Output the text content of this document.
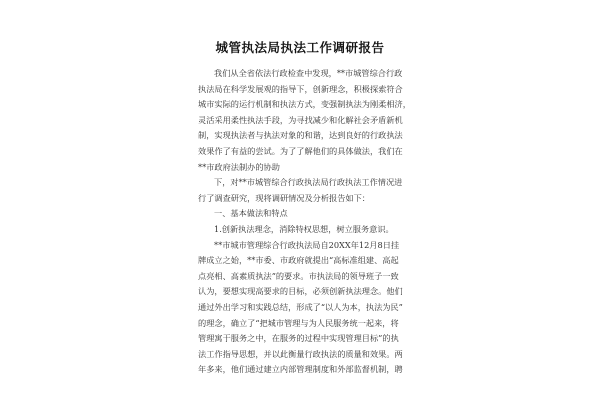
城管执法局执法工作调研报告
我们从全省依法行政检查中发现，**市城管综合行政
执法局在科学发展观的指导下，创新理念，积极探索符合
城市实际的运行机制和执法方式，变强制执法为刚柔相济，
灵活采用柔性执法手段，为寻找减少和化解社会矛盾新机
制，实现执法者与执法对象的和谐，达到良好的行政执法
效果作了有益的尝试。为了了解他们的具体做法，我们在
**市政府法制办的协助
下，对**市城管综合行政执法局行政执法工作情况进
行了调查研究，现将调研情况及分析报告如下：
一、基本做法和特点
1.创新执法理念，消除特权思想，树立服务意识。
**市城市管理综合行政执法局自20XX年12月8日挂
牌成立之始，**市委、市政府就提出“高标准组建、高起
点亮相、高素质执法”的要求。市执法局的领导班子一致
认为，要想实现高要求的目标，必须创新执法理念。他们
通过外出学习和实践总结，形成了“以人为本，执法为民”
的理念，确立了“把城市管理与为人民服务统一起来，将
管理寓于服务之中，在服务的过程中实现管理目标”的执
法工作指导思想，并以此衡量行政执法的质量和效果。两
年多来，他们通过建立内部管理制度和外部监督机制，聘
